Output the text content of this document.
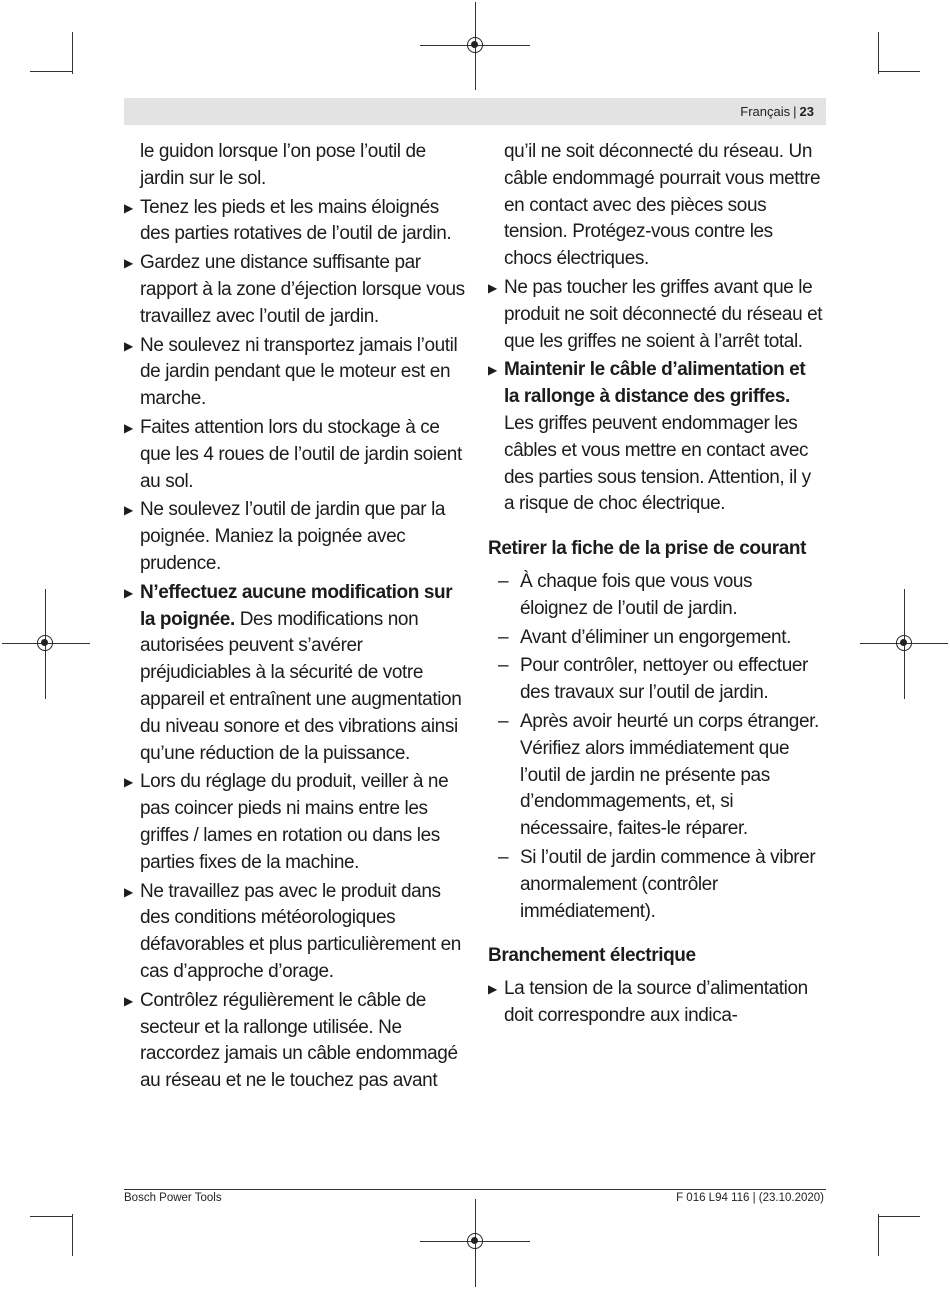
Français | 23
le guidon lorsque l’on pose l’outil de jardin sur le sol.
▶ Tenez les pieds et les mains éloignés des parties rotatives de l’outil de jardin.
▶ Gardez une distance suffisante par rapport à la zone d’éjection lorsque vous travaillez avec l’outil de jardin.
▶ Ne soulevez ni transportez jamais l’outil de jardin pendant que le moteur est en marche.
▶ Faites attention lors du stockage à ce que les 4 roues de l’outil de jardin soient au sol.
▶ Ne soulevez l’outil de jardin que par la poignée. Maniez la poignée avec prudence.
▶ N’effectuez aucune modification sur la poignée. Des modifications non autorisées peuvent s’avérer préjudiciables à la sécurité de votre appareil et entraînent une augmentation du niveau sonore et des vibrations ainsi qu’une réduction de la puissance.
▶ Lors du réglage du produit, veiller à ne pas coincer pieds ni mains entre les griffes / lames en rotation ou dans les parties fixes de la machine.
▶ Ne travaillez pas avec le produit dans des conditions météorologiques défavorables et plus particulièrement en cas d’approche d’orage.
▶ Contrôlez régulièrement le câble de secteur et la rallonge utilisée. Ne raccordez jamais un câble endommagé au réseau et ne le touchez pas avant
qu’il ne soit déconnecté du réseau. Un câble endommagé pourrait vous mettre en contact avec des pièces sous tension. Protégez-vous contre les chocs électriques.
▶ Ne pas toucher les griffes avant que le produit ne soit déconnecté du réseau et que les griffes ne soient à l’arrêt total.
▶ Maintenir le câble d’alimentation et la rallonge à distance des griffes. Les griffes peuvent endommager les câbles et vous mettre en contact avec des parties sous tension. Attention, il y a risque de choc électrique.
Retirer la fiche de la prise de courant
– À chaque fois que vous vous éloignez de l’outil de jardin.
– Avant d’éliminer un engorgement.
– Pour contrôler, nettoyer ou effectuer des travaux sur l’outil de jardin.
– Après avoir heurté un corps étranger. Vérifiez alors immédiatement que l’outil de jardin ne présente pas d’endommagements, et, si nécessaire, faites-le réparer.
– Si l’outil de jardin commence à vibrer anormalement (contrôler immédiatement).
Branchement électrique
▶ La tension de la source d’alimentation doit correspondre aux indica-
Bosch Power Tools	F 016 L94 116 | (23.10.2020)
